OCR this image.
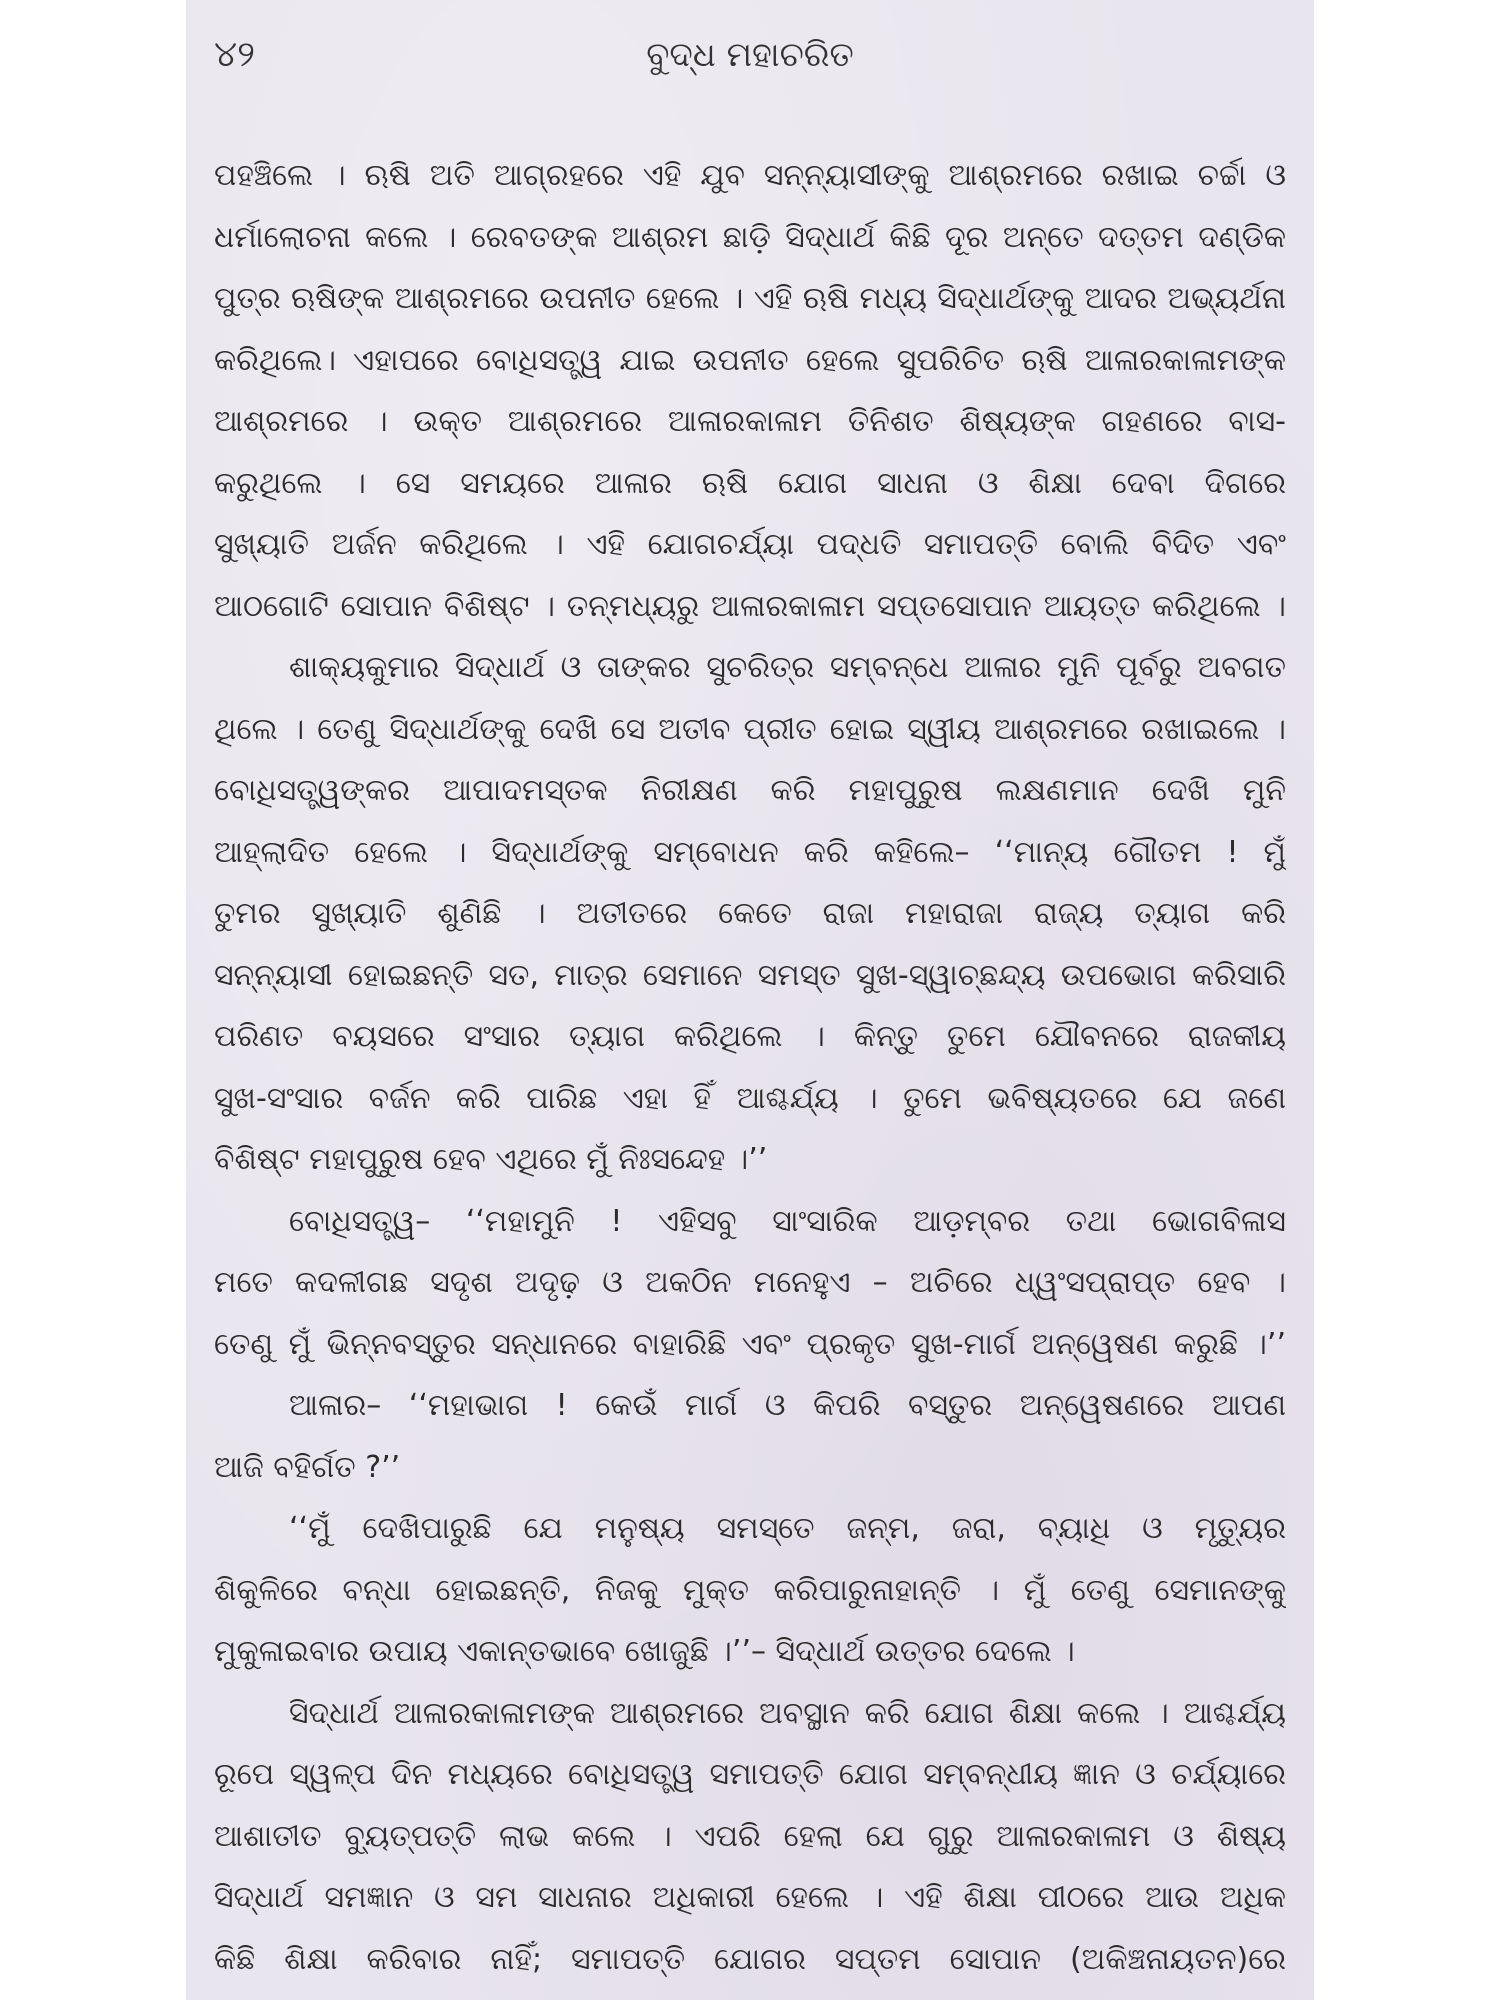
୪୨	ବୁଦ୍ଧ ମହାଚରିତ
ପହଞ୍ଚିଲେ । ଋଷି ଅତି ଆଗ୍ରହରେ ଏହି ଯୁବ ସନ୍ନ୍ୟାସୀଙ୍କୁ ଆଶ୍ରମରେ ରଖାଇ ଚର୍ଚ୍ଚା ଓ
ଧର୍ମାଲୋଚନା କଲେ । ରେବତଙ୍କ ଆଶ୍ରମ ଛାଡ଼ି ସିଦ୍ଧାର୍ଥ କିଛି ଦୂର ଅନ୍ତେ ଦତ୍ତମ ଦଣ୍ଡିକ
ପୁତ୍ର ଋଷିଙ୍କ ଆଶ୍ରମରେ ଉପନୀତ ହେଲେ । ଏହି ଋଷି ମଧ୍ୟ ସିଦ୍ଧାର୍ଥଙ୍କୁ ଆଦର ଅଭ୍ୟର୍ଥନା
କରିଥିଲେ। ଏହାପରେ ବୋଧିସତ୍ତ୍ୱ ଯାଇ ଉପନୀତ ହେଲେ ସୁପରିଚିତ ଋଷି ଆଳାରକାଳାମଙ୍କ
ଆଶ୍ରମରେ । ଉକ୍ତ ଆଶ୍ରମରେ ଆଳାରକାଳାମ ତିନିଶତ ଶିଷ୍ୟଙ୍କ ଗହଣରେ ବାସ-
କରୁଥିଲେ । ସେ ସମୟରେ ଆଳାର ଋଷି ଯୋଗ ସାଧନା ଓ ଶିକ୍ଷା ଦେବା ଦିଗରେ
ସୁଖ୍ୟାତି ଅର୍ଜନ କରିଥିଲେ । ଏହି ଯୋଗଚର୍ଯ୍ୟା ପଦ୍ଧତି ସମାପତ୍ତି ବୋଲି ବିଦିତ ଏବଂ
ଆଠଗୋଟି ସୋପାନ ବିଶିଷ୍ଟ । ତନ୍ମଧ୍ୟରୁ ଆଳାରକାଳାମ ସପ୍ତସୋପାନ ଆୟତ୍ତ କରିଥିଲେ ।
ଶାକ୍ୟକୁମାର ସିଦ୍ଧାର୍ଥ ଓ ତାଙ୍କର ସୁଚରିତ୍ର ସମ୍ବନ୍ଧେ ଆଳାର ମୁନି ପୂର୍ବରୁ ଅବଗତ
ଥିଲେ । ତେଣୁ ସିଦ୍ଧାର୍ଥଙ୍କୁ ଦେଖି ସେ ଅତୀବ ପ୍ରୀତ ହୋଇ ସ୍ୱୀୟ ଆଶ୍ରମରେ ରଖାଇଲେ ।
ବୋଧିସତ୍ତ୍ୱଙ୍କର ଆପାଦମସ୍ତକ ନିରୀକ୍ଷଣ କରି ମହାପୁରୁଷ ଲକ୍ଷଣମାନ ଦେଖି ମୁନି
ଆହ୍ଲାଦିତ ହେଲେ । ସିଦ୍ଧାର୍ଥଙ୍କୁ ସମ୍ବୋଧନ କରି କହିଲେ– ‘‘ମାନ୍ୟ ଗୌତମ ! ମୁଁ
ତୁମର ସୁଖ୍ୟାତି ଶୁଣିଛି । ଅତୀତରେ କେତେ ରାଜା ମହାରାଜା ରାଜ୍ୟ ତ୍ୟାଗ କରି
ସନ୍ନ୍ୟାସୀ ହୋଇଛନ୍ତି ସତ, ମାତ୍ର ସେମାନେ ସମସ୍ତ ସୁଖ-ସ୍ୱାଚ୍ଛନ୍ଦ୍ୟ ଉପଭୋଗ କରିସାରି
ପରିଣତ ବୟସରେ ସଂସାର ତ୍ୟାଗ କରିଥିଲେ । କିନ୍ତୁ ତୁମେ ଯୌବନରେ ରାଜକୀୟ
ସୁଖ-ସଂସାର ବର୍ଜନ କରି ପାରିଛ ଏହା ହିଁ ଆଶ୍ଚର୍ଯ୍ୟ । ତୁମେ ଭବିଷ୍ୟତରେ ଯେ ଜଣେ
ବିଶିଷ୍ଟ ମହାପୁରୁଷ ହେବ ଏଥିରେ ମୁଁ ନିଃସନ୍ଦେହ ।’’
ବୋଧିସତ୍ତ୍ୱ– ‘‘ମହାମୁନି ! ଏହିସବୁ ସାଂସାରିକ ଆଡ଼ମ୍ବର ତଥା ଭୋଗବିଳାସ
ମତେ କଦଳୀଗଛ ସଦୃଶ ଅଦୃଢ଼ ଓ ଅକଠିନ ମନେହୁଏ – ଅଚିରେ ଧ୍ୱଂସପ୍ରାପ୍ତ ହେବ ।
ତେଣୁ ମୁଁ ଭିନ୍ନବସ୍ତୁର ସନ୍ଧାନରେ ବାହାରିଛି ଏବଂ ପ୍ରକୃତ ସୁଖ-ମାର୍ଗ ଅନ୍ୱେଷଣ କରୁଛି ।’’
ଆଳାର– ‘‘ମହାଭାଗ ! କେଉଁ ମାର୍ଗ ଓ କିପରି ବସ୍ତୁର ଅନ୍ୱେଷଣରେ ଆପଣ
ଆଜି ବହିର୍ଗତ ?’’
‘‘ମୁଁ ଦେଖିପାରୁଛି ଯେ ମନୁଷ୍ୟ ସମସ୍ତେ ଜନ୍ମ, ଜରା, ବ୍ୟାଧି ଓ ମୃତ୍ୟୁର
ଶିକୁଳିରେ ବନ୍ଧା ହୋଇଛନ୍ତି, ନିଜକୁ ମୁକ୍ତ କରିପାରୁନାହାନ୍ତି । ମୁଁ ତେଣୁ ସେମାନଙ୍କୁ
ମୁକୁଳାଇବାର ଉପାୟ ଏକାନ୍ତଭାବେ ଖୋଜୁଛି ।’’– ସିଦ୍ଧାର୍ଥ ଉତ୍ତର ଦେଲେ ।
ସିଦ୍ଧାର୍ଥ ଆଳାରକାଳାମଙ୍କ ଆଶ୍ରମରେ ଅବସ୍ଥାନ କରି ଯୋଗ ଶିକ୍ଷା କଲେ । ଆଶ୍ଚର୍ଯ୍ୟ
ରୂପେ ସ୍ୱଳ୍ପ ଦିନ ମଧ୍ୟରେ ବୋଧିସତ୍ତ୍ୱ ସମାପତ୍ତି ଯୋଗ ସମ୍ବନ୍ଧୀୟ ଜ୍ଞାନ ଓ ଚର୍ଯ୍ୟାରେ
ଆଶାତୀତ ବ୍ୟୁତ୍ପତ୍ତି ଲାଭ କଲେ । ଏପରି ହେଲା ଯେ ଗୁରୁ ଆଳାରକାଳାମ ଓ ଶିଷ୍ୟ
ସିଦ୍ଧାର୍ଥ ସମଜ୍ଞାନ ଓ ସମ ସାଧନାର ଅଧିକାରୀ ହେଲେ । ଏହି ଶିକ୍ଷା ପୀଠରେ ଆଉ ଅଧିକ
କିଛି ଶିକ୍ଷା କରିବାର ନାହିଁ; ସମାପତ୍ତି ଯୋଗର ସପ୍ତମ ସୋପାନ (ଅକିଞ୍ଚନାୟତନ)ରେ
